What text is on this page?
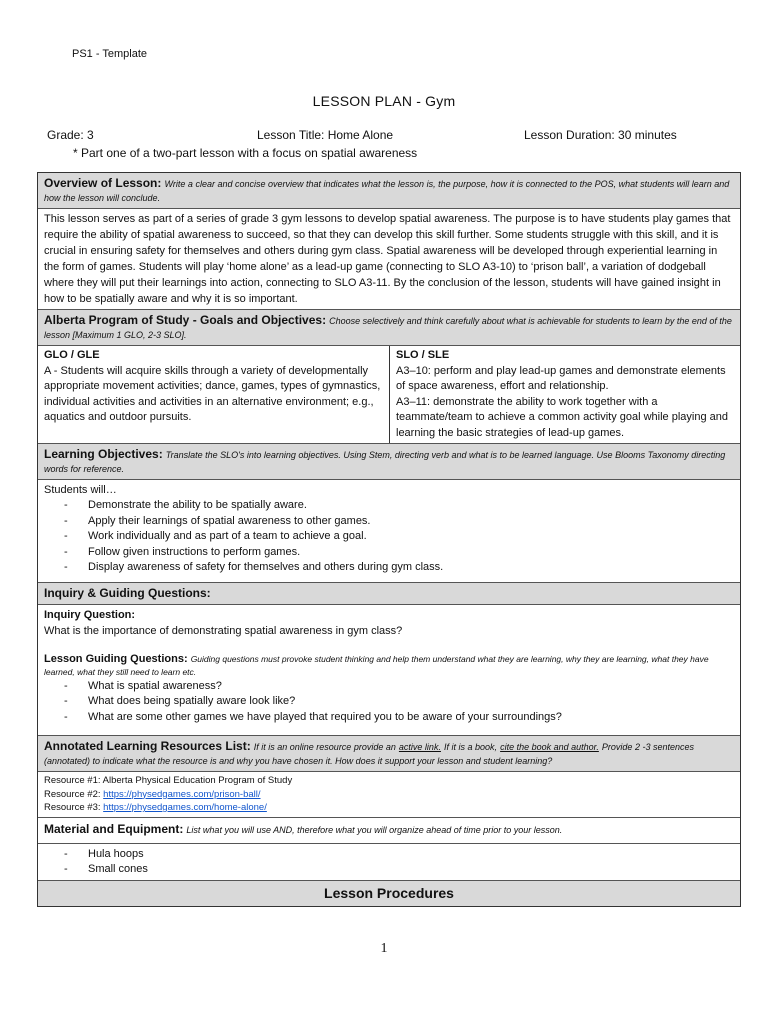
PS1 - Template
LESSON PLAN - Gym
Grade: 3	Lesson Title: Home Alone	Lesson Duration: 30 minutes
* Part one of a two-part lesson with a focus on spatial awareness
Overview of Lesson: Write a clear and concise overview that indicates what the lesson is, the purpose, how it is connected to the POS, what students will learn and how the lesson will conclude.
This lesson serves as part of a series of grade 3 gym lessons to develop spatial awareness. The purpose is to have students play games that require the ability of spatial awareness to succeed, so that they can develop this skill further. Some students struggle with this skill, and it is crucial in ensuring safety for themselves and others during gym class. Spatial awareness will be developed through experiential learning in the form of games. Students will play ‘home alone’ as a lead-up game (connecting to SLO A3-10) to ‘prison ball’, a variation of dodgeball where they will put their learnings into action, connecting to SLO A3-11. By the conclusion of the lesson, students will have gained insight in how to be spatially aware and why it is so important.
Alberta Program of Study - Goals and Objectives: Choose selectively and think carefully about what is achievable for students to learn by the end of the lesson [Maximum 1 GLO, 2-3 SLO].
GLO / GLE
A - Students will acquire skills through a variety of developmentally appropriate movement activities; dance, games, types of gymnastics, individual activities and activities in an alternative environment; e.g., aquatics and outdoor pursuits.
SLO / SLE
A3–10: perform and play lead-up games and demonstrate elements of space awareness, effort and relationship.
A3–11: demonstrate the ability to work together with a teammate/team to achieve a common activity goal while playing and learning the basic strategies of lead-up games.
Learning Objectives: Translate the SLO's into learning objectives. Using Stem, directing verb and what is to be learned language. Use Blooms Taxonomy directing words for reference.
Students will…
- Demonstrate the ability to be spatially aware.
- Apply their learnings of spatial awareness to other games.
- Work individually and as part of a team to achieve a goal.
- Follow given instructions to perform games.
- Display awareness of safety for themselves and others during gym class.
Inquiry & Guiding Questions:
Inquiry Question:
What is the importance of demonstrating spatial awareness in gym class?
Lesson Guiding Questions: Guiding questions must provoke student thinking and help them understand what they are learning, why they are learning, what they have learned, what they still need to learn etc.
- What is spatial awareness?
- What does being spatially aware look like?
- What are some other games we have played that required you to be aware of your surroundings?
Annotated Learning Resources List: If it is an online resource provide an active link. If it is a book, cite the book and author. Provide 2 -3 sentences (annotated) to indicate what the resource is and why you have chosen it. How does it support your lesson and student learning?
Resource #1: Alberta Physical Education Program of Study
Resource #2: https://physedgames.com/prison-ball/
Resource #3: https://physedgames.com/home-alone/
Material and Equipment: List what you will use AND, therefore what you will organize ahead of time prior to your lesson.
- Hula hoops
- Small cones
Lesson Procedures
1
